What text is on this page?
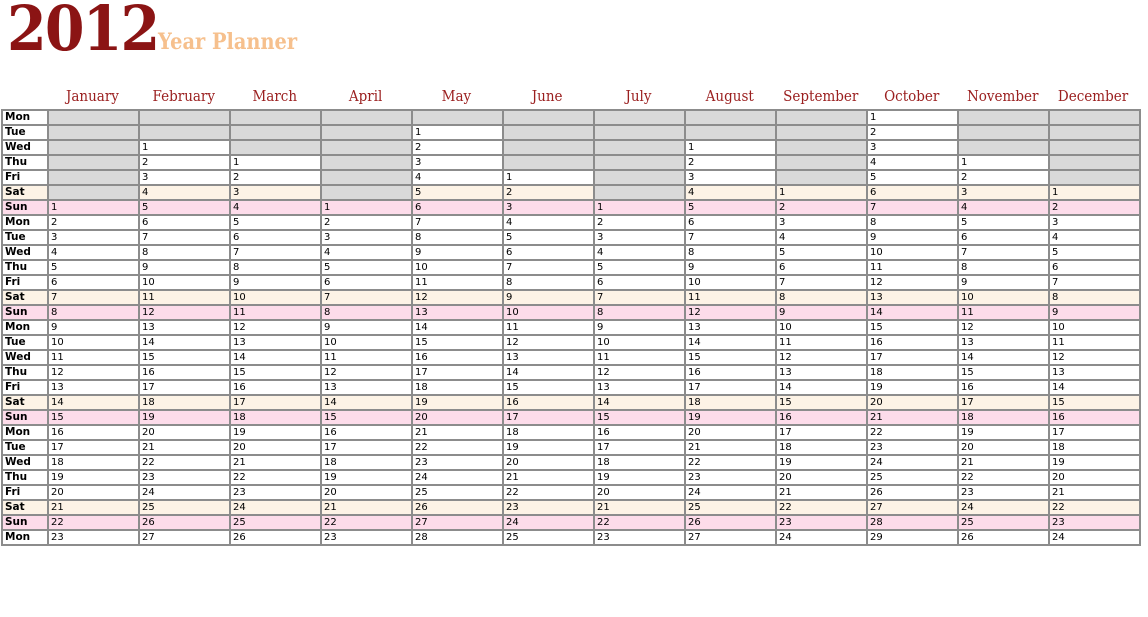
2012 Year Planner
January	February	March	April	May	June	July	August	September	October	November	December
Mon										1		
Tue					1					2		
Wed		1			2			1		3		
Thu		2	1		3			2		4	1	
Fri		3	2		4	1		3		5	2	
Sat		4	3		5	2		4	1	6	3	1
Sun	1	5	4	1	6	3	1	5	2	7	4	2
Mon	2	6	5	2	7	4	2	6	3	8	5	3
Tue	3	7	6	3	8	5	3	7	4	9	6	4
Wed	4	8	7	4	9	6	4	8	5	10	7	5
Thu	5	9	8	5	10	7	5	9	6	11	8	6
Fri	6	10	9	6	11	8	6	10	7	12	9	7
Sat	7	11	10	7	12	9	7	11	8	13	10	8
Sun	8	12	11	8	13	10	8	12	9	14	11	9
Mon	9	13	12	9	14	11	9	13	10	15	12	10
Tue	10	14	13	10	15	12	10	14	11	16	13	11
Wed	11	15	14	11	16	13	11	15	12	17	14	12
Thu	12	16	15	12	17	14	12	16	13	18	15	13
Fri	13	17	16	13	18	15	13	17	14	19	16	14
Sat	14	18	17	14	19	16	14	18	15	20	17	15
Sun	15	19	18	15	20	17	15	19	16	21	18	16
Mon	16	20	19	16	21	18	16	20	17	22	19	17
Tue	17	21	20	17	22	19	17	21	18	23	20	18
Wed	18	22	21	18	23	20	18	22	19	24	21	19
Thu	19	23	22	19	24	21	19	23	20	25	22	20
Fri	20	24	23	20	25	22	20	24	21	26	23	21
Sat	21	25	24	21	26	23	21	25	22	27	24	22
Sun	22	26	25	22	27	24	22	26	23	28	25	23
Mon	23	27	26	23	28	25	23	27	24	29	26	24
